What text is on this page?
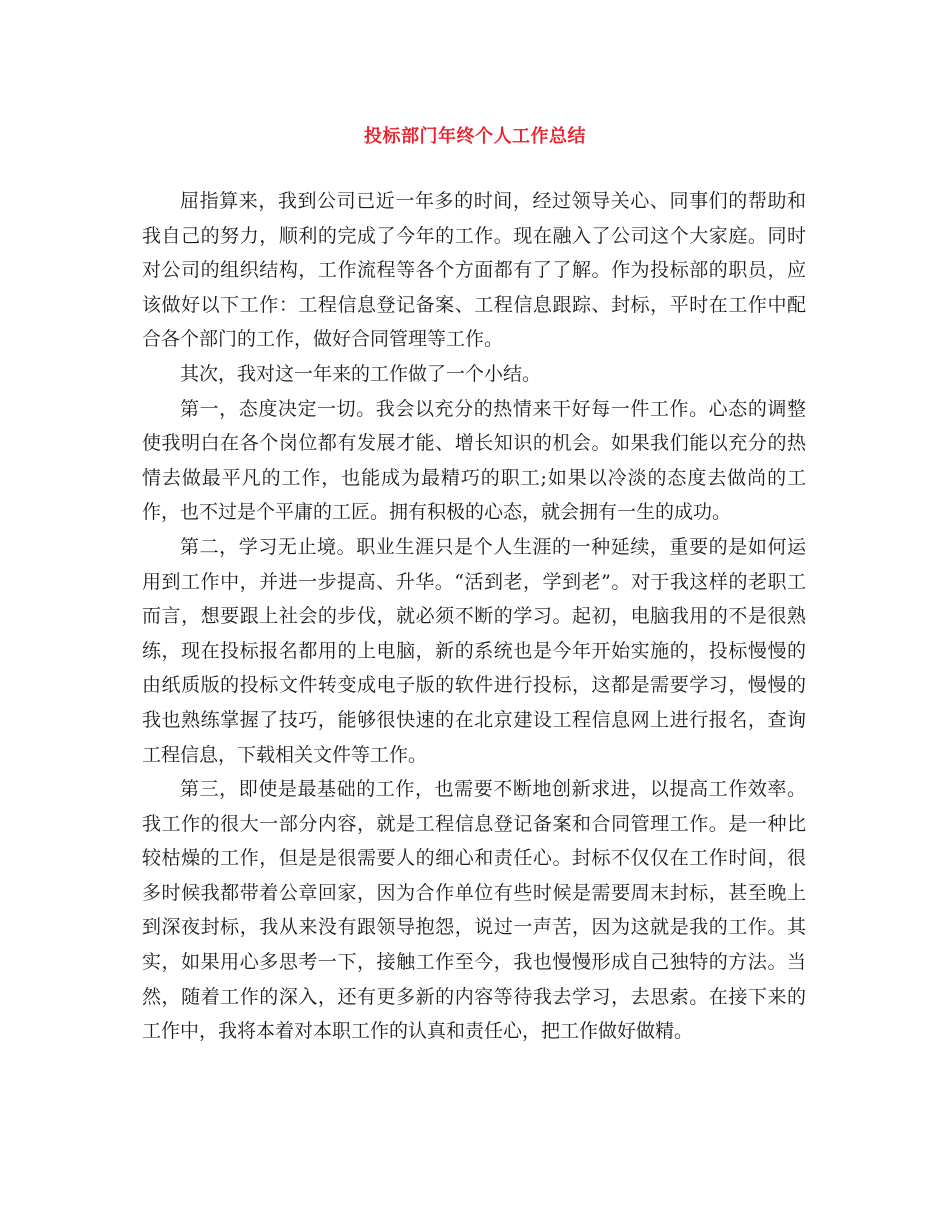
投标部门年终个人工作总结

屈指算来，我到公司已近一年多的时间，经过领导关心、同事们的帮助和我自己的努力，顺利的完成了今年的工作。现在融入了公司这个大家庭。同时对公司的组织结构，工作流程等各个方面都有了了解。作为投标部的职员，应该做好以下工作：工程信息登记备案、工程信息跟踪、封标，平时在工作中配合各个部门的工作，做好合同管理等工作。

其次，我对这一年来的工作做了一个小结。

第一，态度决定一切。我会以充分的热情来干好每一件工作。心态的调整使我明白在各个岗位都有发展才能、增长知识的机会。如果我们能以充分的热情去做最平凡的工作，也能成为最精巧的职工;如果以冷淡的态度去做尚的工作，也不过是个平庸的工匠。拥有积极的心态，就会拥有一生的成功。

第二，学习无止境。职业生涯只是个人生涯的一种延续，重要的是如何运用到工作中，并进一步提高、升华。“活到老，学到老”。对于我这样的老职工而言，想要跟上社会的步伐，就必须不断的学习。起初，电脑我用的不是很熟练，现在投标报名都用的上电脑，新的系统也是今年开始实施的，投标慢慢的由纸质版的投标文件转变成电子版的软件进行投标，这都是需要学习，慢慢的我也熟练掌握了技巧，能够很快速的在北京建设工程信息网上进行报名，查询工程信息，下载相关文件等工作。

第三，即使是最基础的工作，也需要不断地创新求进，以提高工作效率。我工作的很大一部分内容，就是工程信息登记备案和合同管理工作。是一种比较枯燥的工作，但是是很需要人的细心和责任心。封标不仅仅在工作时间，很多时候我都带着公章回家，因为合作单位有些时候是需要周末封标，甚至晚上到深夜封标，我从来没有跟领导抱怨，说过一声苦，因为这就是我的工作。其实，如果用心多思考一下，接触工作至今，我也慢慢形成自己独特的方法。当然，随着工作的深入，还有更多新的内容等待我去学习，去思索。在接下来的工作中，我将本着对本职工作的认真和责任心，把工作做好做精。
